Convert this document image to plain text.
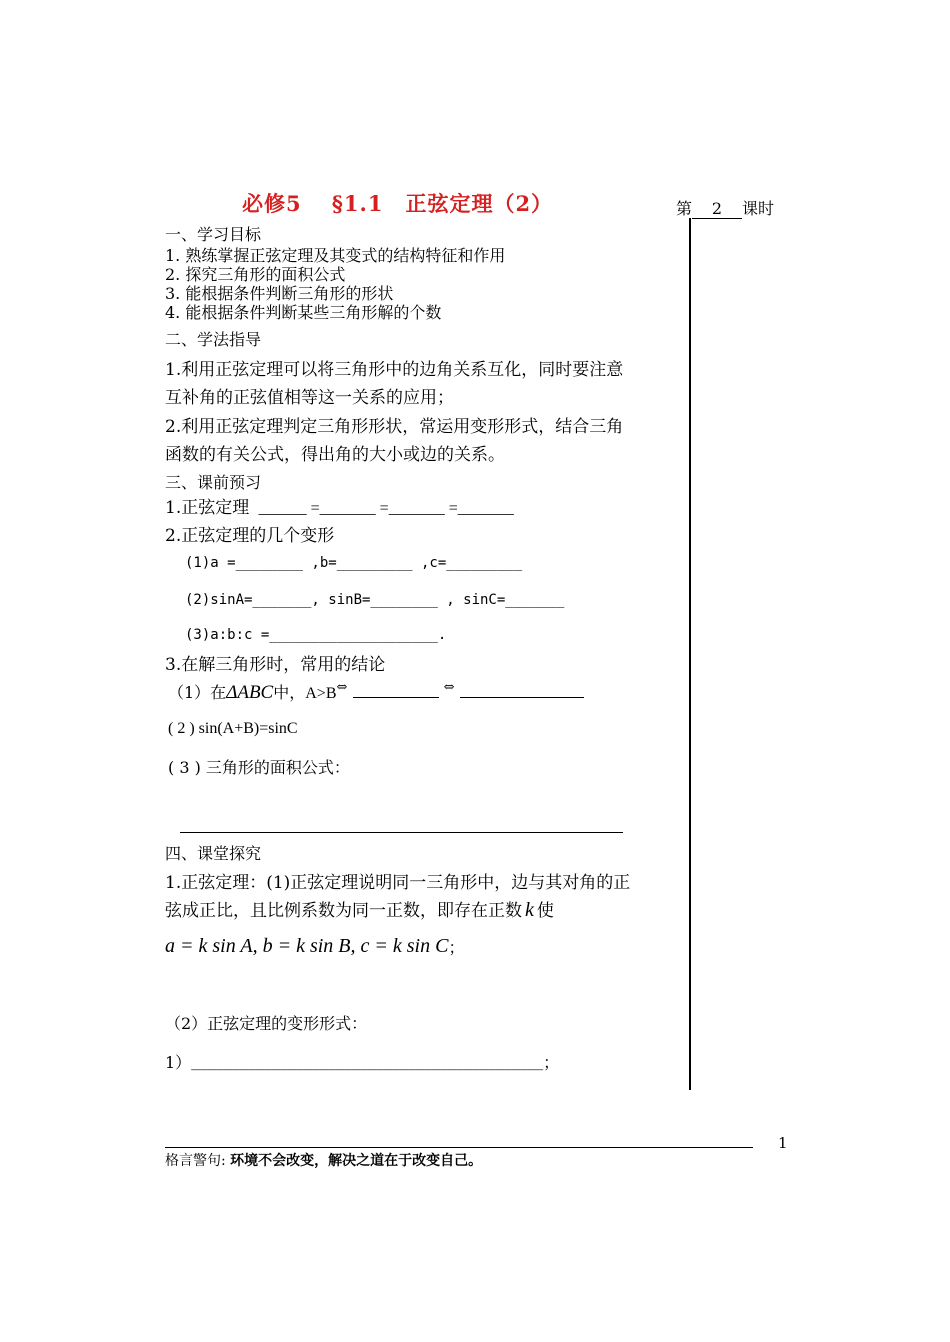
必修5　 §1.1　正弦定理（2）	第 2 课时
一、学习目标
1. 熟练掌握正弦定理及其变式的结构特征和作用
2. 探究三角形的面积公式
3. 能根据条件判断三角形的形状
4. 能根据条件判断某些三角形解的个数
二、学法指导
1.利用正弦定理可以将三角形中的边角关系互化，同时要注意
互补角的正弦值相等这一关系的应用；
2.利用正弦定理判定三角形形状，常运用变形形式，结合三角
函数的有关公式，得出角的大小或边的关系。
三、课前预习
1.正弦定理 ______ =_______ =_______ =_______
2.正弦定理的几个变形
(1)a =________ ,b=_________ ,c=_________
(2)sinA=_______, sinB=________ , sinC=_______
(3)a:b:c =____________________.
3.在解三角形时，常用的结论
（1）在ΔABC中，A>B⇔	⇔
( 2 ) sin(A+B)=sinC
( 3 ) 三角形的面积公式：
四、课堂探究
1.正弦定理：(1)正弦定理说明同一三角形中，边与其对角的正
弦成正比，且比例系数为同一正数，即存在正数 k 使
a = k sin A, b = k sin B, c = k sin C；
（2）正弦定理的变形形式：
1）＿＿＿＿＿＿＿＿＿＿＿＿＿＿＿＿＿＿＿＿＿＿；
1
格言警句: 环境不会改变，解决之道在于改变自己。
